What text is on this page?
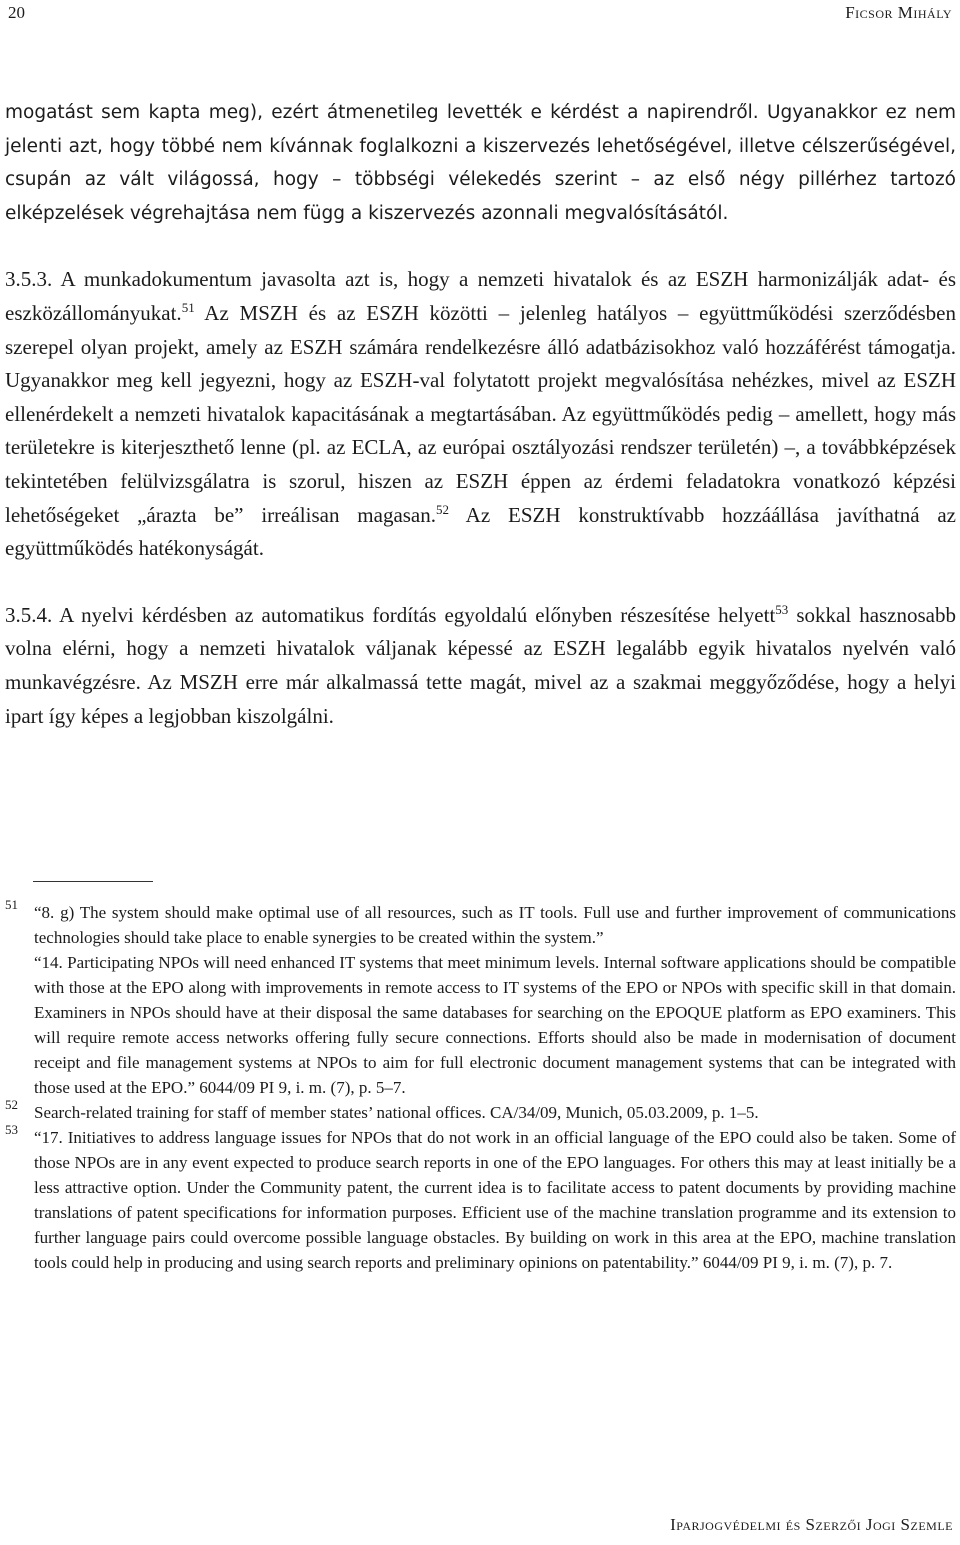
20	Ficsor Mihály

mogatást sem kapta meg), ezért átmenetileg levették e kérdést a napirendről. Ugyanakkor ez nem jelenti azt, hogy többé nem kívánnak foglalkozni a kiszervezés lehetőségével, illetve célszerűségével, csupán az vált világossá, hogy – többségi vélekedés szerint – az első négy pillérhez tartozó elképzelések végrehajtása nem függ a kiszervezés azonnali megvalósításától.

3.5.3. A munkadokumentum javasolta azt is, hogy a nemzeti hivatalok és az ESZH harmonizálják adat- és eszközállományukat.$^{51}$ Az MSZH és az ESZH közötti – jelenleg hatályos – együttműködési szerződésben szerepel olyan projekt, amely az ESZH számára rendelkezésre álló adatbázisokhoz való hozzáférést támogatja. Ugyanakkor meg kell jegyezni, hogy az ESZH-val folytatott projekt megvalósítása nehézkes, mivel az ESZH ellenérdekelt a nemzeti hivatalok kapacitásának a megtartásában. Az együttműködés pedig – amellett, hogy más területekre is kiterjeszthető lenne (pl. az ECLA, az európai osztályozási rendszer területén) –, a továbbképzések tekintetében felülvizsgálatra is szorul, hiszen az ESZH éppen az érdemi feladatokra vonatkozó képzési lehetőségeket „árazta be” irreálisan magasan.$^{52}$ Az ESZH konstruktívabb hozzáállása javíthatná az együttműködés hatékonyságát.

3.5.4. A nyelvi kérdésben az automatikus fordítás egyoldalú előnyben részesítése helyett$^{53}$ sokkal hasznosabb volna elérni, hogy a nemzeti hivatalok váljanak képessé az ESZH legalább egyik hivatalos nyelvén való munkavégzésre. Az MSZH erre már alkalmassá tette magát, mivel az a szakmai meggyőződése, hogy a helyi ipart így képes a legjobban kiszolgálni.

51 “8. g) The system should make optimal use of all resources, such as IT tools. Full use and further improvement of communications technologies should take place to enable synergies to be created within the system.”

“14. Participating NPOs will need enhanced IT systems that meet minimum levels. Internal software applications should be compatible with those at the EPO along with improvements in remote access to IT systems of the EPO or NPOs with specific skill in that domain. Examiners in NPOs should have at their disposal the same databases for searching on the EPOQUE platform as EPO examiners. This will require remote access networks offering fully secure connections. Efforts should also be made in modernisation of document receipt and file management systems at NPOs to aim for full electronic document management systems that can be integrated with those used at the EPO.” 6044/09 PI 9, i. m. (7), p. 5–7.

52 Search-related training for staff of member states’ national offices. CA/34/09, Munich, 05.03.2009, p. 1–5.

53 “17. Initiatives to address language issues for NPOs that do not work in an official language of the EPO could also be taken. Some of those NPOs are in any event expected to produce search reports in one of the EPO languages. For others this may at least initially be a less attractive option. Under the Community patent, the current idea is to facilitate access to patent documents by providing machine translations of patent specifications for information purposes. Efficient use of the machine translation programme and its extension to further language pairs could overcome possible language obstacles. By building on work in this area at the EPO, machine translation tools could help in producing and using search reports and preliminary opinions on patentability.” 6044/09 PI 9, i. m. (7), p. 7.

Iparjogvédelmi és Szerzői Jogi Szemle
